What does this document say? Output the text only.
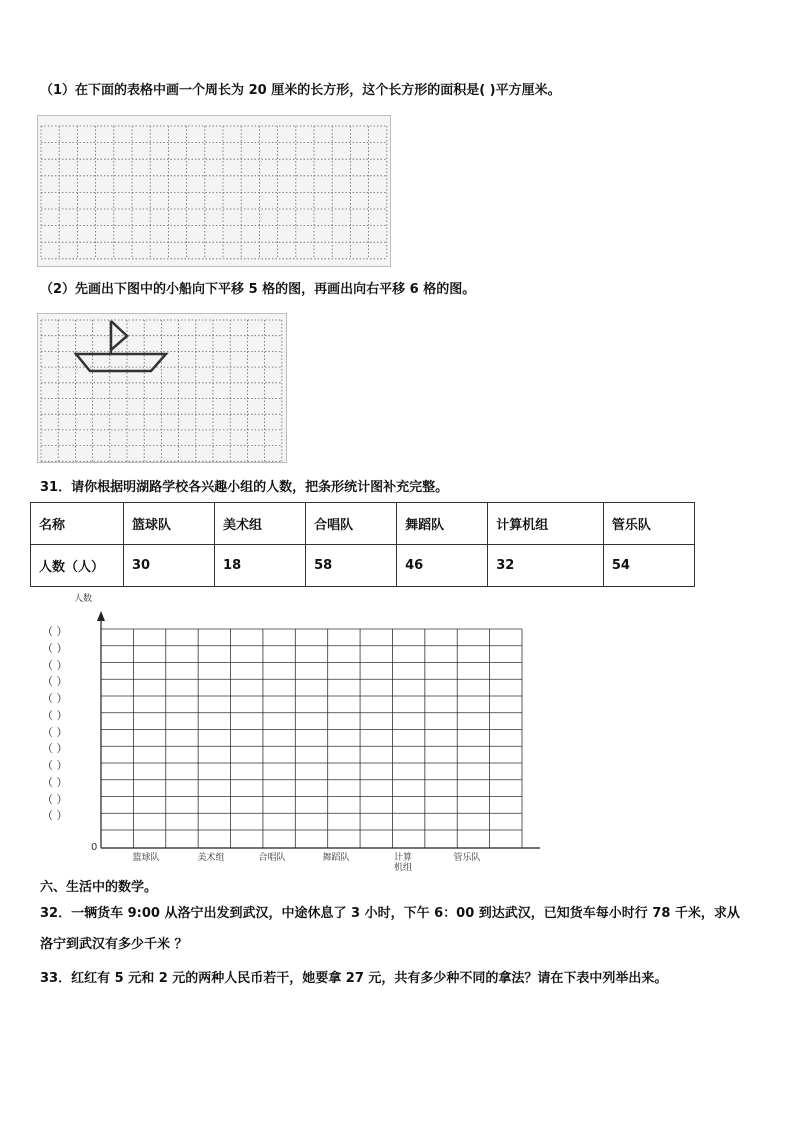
（1）在下面的表格中画一个周长为 20 厘米的长方形，这个长方形的面积是( )平方厘米。
（2）先画出下图中的小船向下平移 5 格的图，再画出向右平移 6 格的图。
31．请你根据明湖路学校各兴趣小组的人数，把条形统计图补充完整。
名称	篮球队	美术组	合唱队	舞蹈队	计算机组	管乐队
人数（人）	30	18	58	46	32	54
人数
0
（ ）
（ ）
（ ）
（ ）
（ ）
（ ）
（ ）
（ ）
（ ）
（ ）
（ ）
（ ）
篮球队	美术组	合唱队	舞蹈队	计算
机组
管乐队
六、生活中的数学。
32．一辆货车 9:00 从洛宁出发到武汉，中途休息了 3 小时，下午 6：00 到达武汉，已知货车每小时行 78 千米，求从
洛宁到武汉有多少千米 ？
33．红红有 5 元和 2 元的两种人民币若干，她要拿 27 元，共有多少种不同的拿法？请在下表中列举出来。
